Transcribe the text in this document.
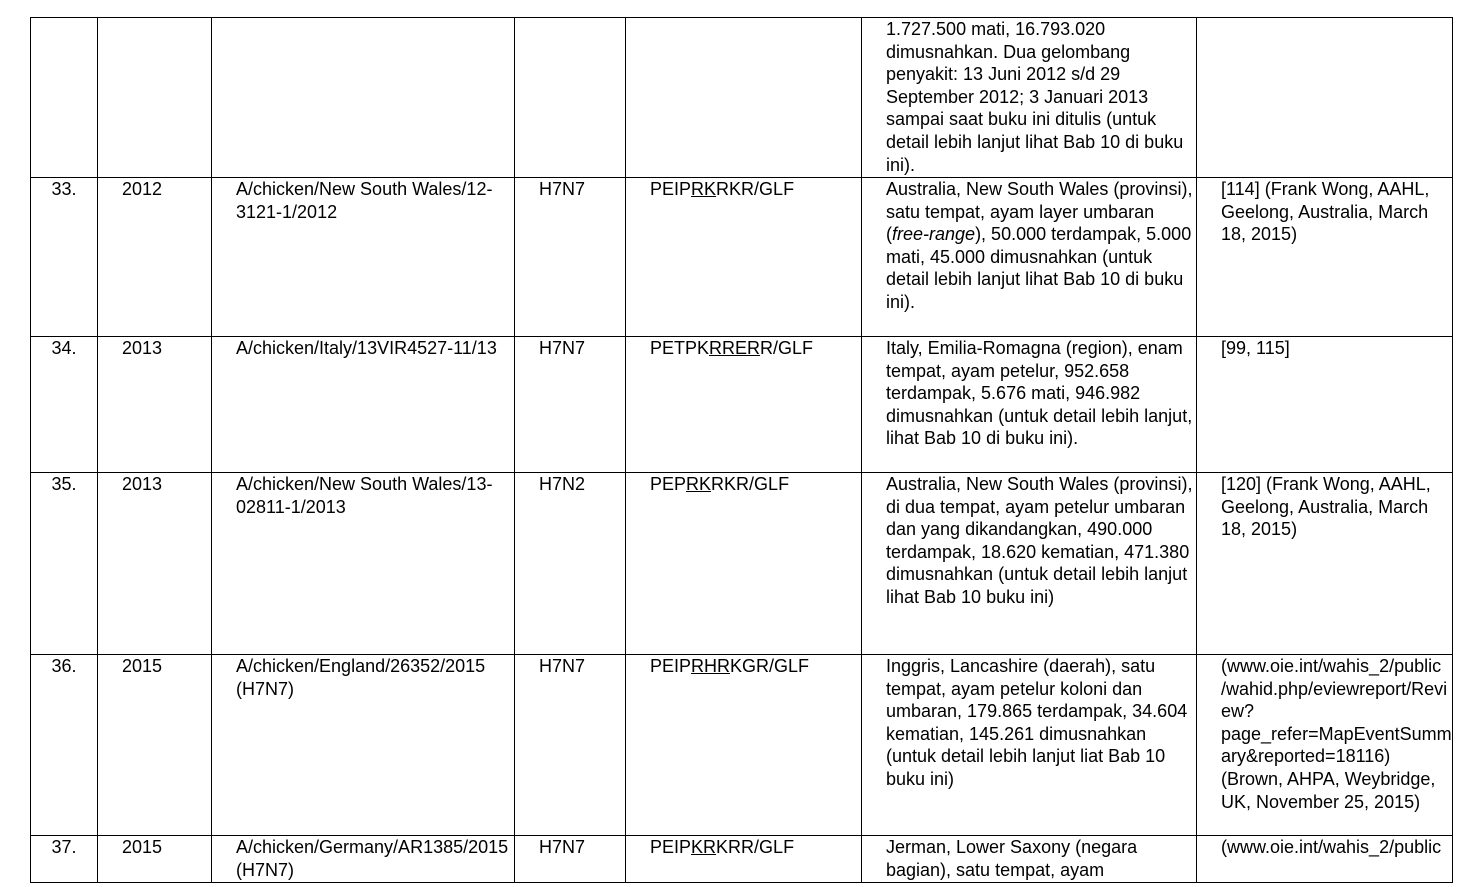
					1.727.500 mati, 16.793.020 dimusnahkan. Dua gelombang penyakit: 13 Juni 2012 s/d 29 September 2012; 3 Januari 2013 sampai saat buku ini ditulis (untuk detail lebih lanjut lihat Bab 10 di buku ini).	
33.	2012	A/chicken/New South Wales/12-3121-1/2012	H7N7	PEIPRKRKR/GLF	Australia, New South Wales (provinsi), satu tempat, ayam layer umbaran (free-range), 50.000 terdampak, 5.000 mati, 45.000 dimusnahkan (untuk detail lebih lanjut lihat Bab 10 di buku ini).	[114] (Frank Wong, AAHL, Geelong, Australia, March 18, 2015)
34.	2013	A/chicken/Italy/13VIR4527-11/13	H7N7	PETPKRRERR/GLF	Italy, Emilia-Romagna (region), enam tempat, ayam petelur, 952.658 terdampak, 5.676 mati, 946.982 dimusnahkan (untuk detail lebih lanjut, lihat Bab 10 di buku ini).	[99, 115]
35.	2013	A/chicken/New South Wales/13-02811-1/2013	H7N2	PEPRKRKR/GLF	Australia, New South Wales (provinsi), di dua tempat, ayam petelur umbaran dan yang dikandangkan, 490.000 terdampak, 18.620 kematian, 471.380 dimusnahkan (untuk detail lebih lanjut lihat Bab 10 buku ini)	[120] (Frank Wong, AAHL, Geelong, Australia, March 18, 2015)
36.	2015	A/chicken/England/26352/2015 (H7N7)	H7N7	PEIPRHRKGR/GLF	Inggris, Lancashire (daerah), satu tempat, ayam petelur koloni dan umbaran, 179.865 terdampak, 34.604 kematian, 145.261 dimusnahkan (untuk detail lebih lanjut liat Bab 10 buku ini)	(www.oie.int/wahis_2/public /wahid.php/eviewreport/Review?page_refer=MapEventSummary&reported=18116)(Brown, AHPA, Weybridge, UK, November 25, 2015)
37.	2015	A/chicken/Germany/AR1385/2015 (H7N7)	H7N7	PEIPKRKRR/GLF	Jerman, Lower Saxony (negara bagian), satu tempat, ayam	(www.oie.int/wahis_2/public
